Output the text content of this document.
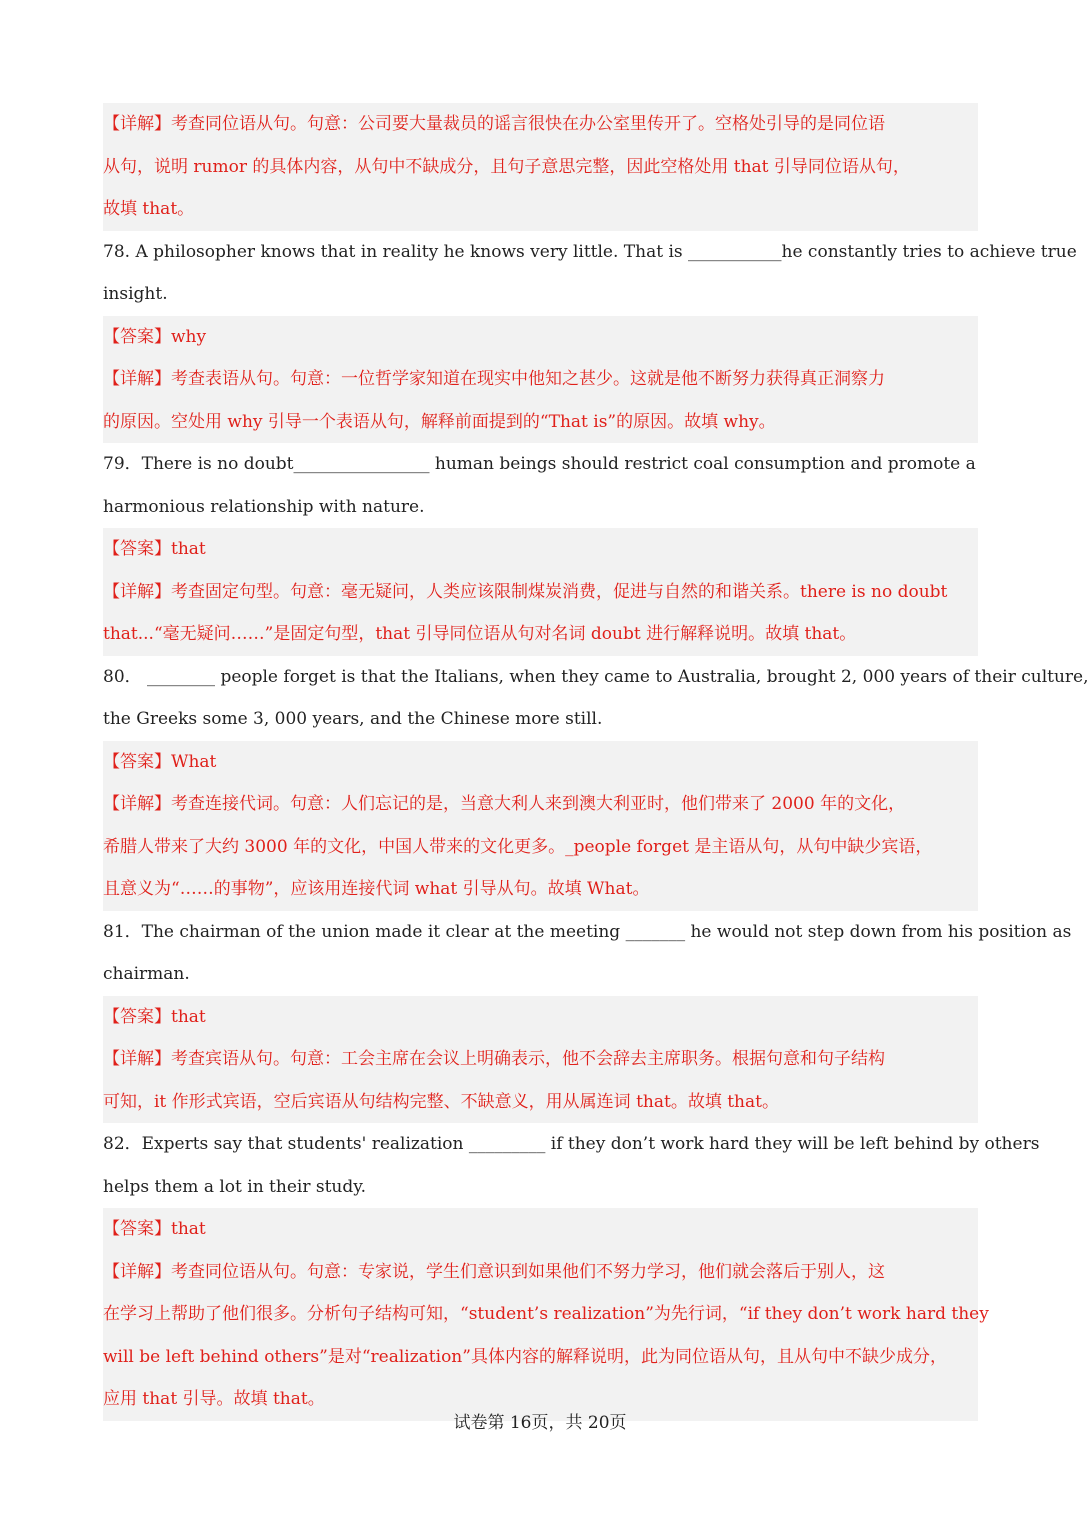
【详解】考查同位语从句。句意：公司要大量裁员的谣言很快在办公室里传开了。空格处引导的是同位语
从句，说明 rumor 的具体内容，从句中不缺成分，且句子意思完整，因此空格处用 that 引导同位语从句，
故填 that。
78. A philosopher knows that in reality he knows very little. That is ___________he constantly tries to achieve true
insight.
【答案】why
【详解】考查表语从句。句意：一位哲学家知道在现实中他知之甚少。这就是他不断努力获得真正洞察力
的原因。空处用 why 引导一个表语从句，解释前面提到的“That is”的原因。故填 why。
79．There is no doubt________________ human beings should restrict coal consumption and promote a
harmonious relationship with nature.
【答案】that
【详解】考查固定句型。句意：毫无疑问，人类应该限制煤炭消费，促进与自然的和谐关系。there is no doubt
that...“毫无疑问……”是固定句型，that 引导同位语从句对名词 doubt 进行解释说明。故填 that。
80． ________ people forget is that the Italians, when they came to Australia, brought 2, 000 years of their culture,
the Greeks some 3, 000 years, and the Chinese more still.
【答案】What
【详解】考查连接代词。句意：人们忘记的是，当意大利人来到澳大利亚时，他们带来了 2000 年的文化，
希腊人带来了大约 3000 年的文化，中国人带来的文化更多。_people forget 是主语从句，从句中缺少宾语，
且意义为“……的事物”，应该用连接代词 what 引导从句。故填 What。
81．The chairman of the union made it clear at the meeting _______ he would not step down from his position as
chairman.
【答案】that
【详解】考查宾语从句。句意：工会主席在会议上明确表示，他不会辞去主席职务。根据句意和句子结构
可知，it 作形式宾语，空后宾语从句结构完整、不缺意义，用从属连词 that。故填 that。
82．Experts say that students' realization _________ if they don’t work hard they will be left behind by others
helps them a lot in their study.
【答案】that
【详解】考查同位语从句。句意：专家说，学生们意识到如果他们不努力学习，他们就会落后于别人，这
在学习上帮助了他们很多。分析句子结构可知，“student’s realization”为先行词，“if they don’t work hard they
will be left behind others”是对“realization”具体内容的解释说明，此为同位语从句，且从句中不缺少成分，
应用 that 引导。故填 that。
试卷第 16页，共 20页
